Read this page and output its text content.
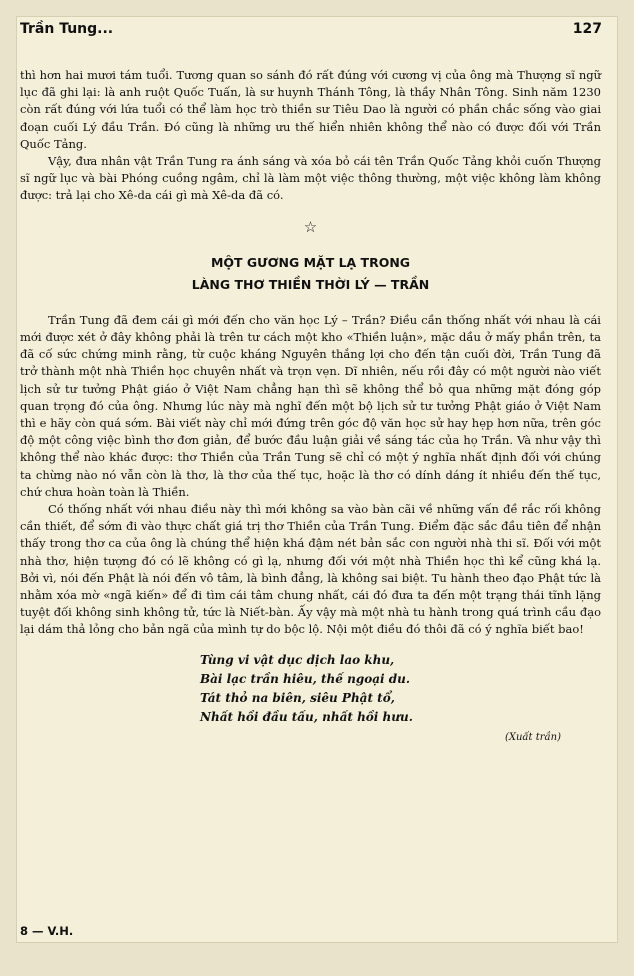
Trần Tung...	127

thì hơn hai mươi tám tuổi. Tương quan so sánh đó rất đúng với cương vị của ông mà Thượng sĩ ngữ lục đã ghi lại: là anh ruột Quốc Tuấn, là sư huynh Thánh Tông, là thầy Nhân Tông. Sinh năm 1230 còn rất đúng với lứa tuổi có thể làm học trò thiền sư Tiêu Dao là người có phần chắc sống vào giai đoạn cuối Lý đầu Trần. Đó cũng là những ưu thế hiển nhiên không thể nào có được đối với Trần Quốc Tảng.

Vậy, đưa nhân vật Trần Tung ra ánh sáng và xóa bỏ cái tên Trần Quốc Tảng khỏi cuốn Thượng sĩ ngữ lục và bài Phóng cuồng ngâm, chỉ là làm một việc thông thường, một việc không làm không được: trả lại cho Xê-da cái gì mà Xê-da đã có.

☆
MỘT GƯƠNG MẶT LẠ TRONG
LÀNG THƠ THIỀN THỜI LÝ — TRẦN

Trần Tung đã đem cái gì mới đến cho văn học Lý – Trần? Điều cần thống nhất với nhau là cái mới được xét ở đây không phải là trên tư cách một kho «Thiền luận», mặc dầu ở mấy phần trên, ta đã cố sức chứng minh rằng, từ cuộc kháng Nguyên thắng lợi cho đến tận cuối đời, Trần Tung đã trở thành một nhà Thiền học chuyên nhất và trọn vẹn. Dĩ nhiên, nếu rồi đây có một người nào viết lịch sử tư tưởng Phật giáo ở Việt Nam chẳng hạn thì sẽ không thể bỏ qua những mặt đóng góp quan trọng đó của ông. Nhưng lúc này mà nghĩ đến một bộ lịch sử tư tưởng Phật giáo ở Việt Nam thì e hãy còn quá sớm. Bài viết này chỉ mới đứng trên góc độ văn học sử hay hẹp hơn nữa, trên góc độ một công việc bình thơ đơn giản, để bước đầu luận giải về sáng tác của họ Trần. Và như vậy thì không thể nào khác được: thơ Thiền của Trần Tung sẽ chỉ có một ý nghĩa nhất định đối với chúng ta chừng nào nó vẫn còn là thơ, là thơ của thế tục, hoặc là thơ có dính dáng ít nhiều đến thế tục, chứ chưa hoàn toàn là Thiền.

Có thống nhất với nhau điều này thì mới không sa vào bàn cãi về những vấn đề rắc rối không cần thiết, để sớm đi vào thực chất giá trị thơ Thiền của Trần Tung. Điểm đặc sắc đầu tiên để nhận thấy trong thơ ca của ông là chúng thể hiện khá đậm nét bản sắc con người nhà thi sĩ. Đối với một nhà thơ, hiện tượng đó có lẽ không có gì lạ, nhưng đối với một nhà Thiền học thì kể cũng khá lạ. Bởi vì, nói đến Phật là nói đến vô tâm, là bình đẳng, là không sai biệt. Tu hành theo đạo Phật tức là nhằm xóa mờ «ngã kiến» để đi tìm cái tâm chung nhất, cái đó đưa ta đến một trạng thái tĩnh lặng tuyệt đối không sinh không tử, tức là Niết-bàn. Ấy vậy mà một nhà tu hành trong quá trình cầu đạo lại dám thả lỏng cho bản ngã của mình tự do bộc lộ. Nội một điều đó thôi đã có ý nghĩa biết bao!

Tùng vi vật dục dịch lao khu,
Bài lạc trần hiêu, thế ngoại du.
Tát thỏ na biên, siêu Phật tổ,
Nhất hồi đầu tấu, nhất hồi hưu.
(Xuất trần)
8 — V.H.
